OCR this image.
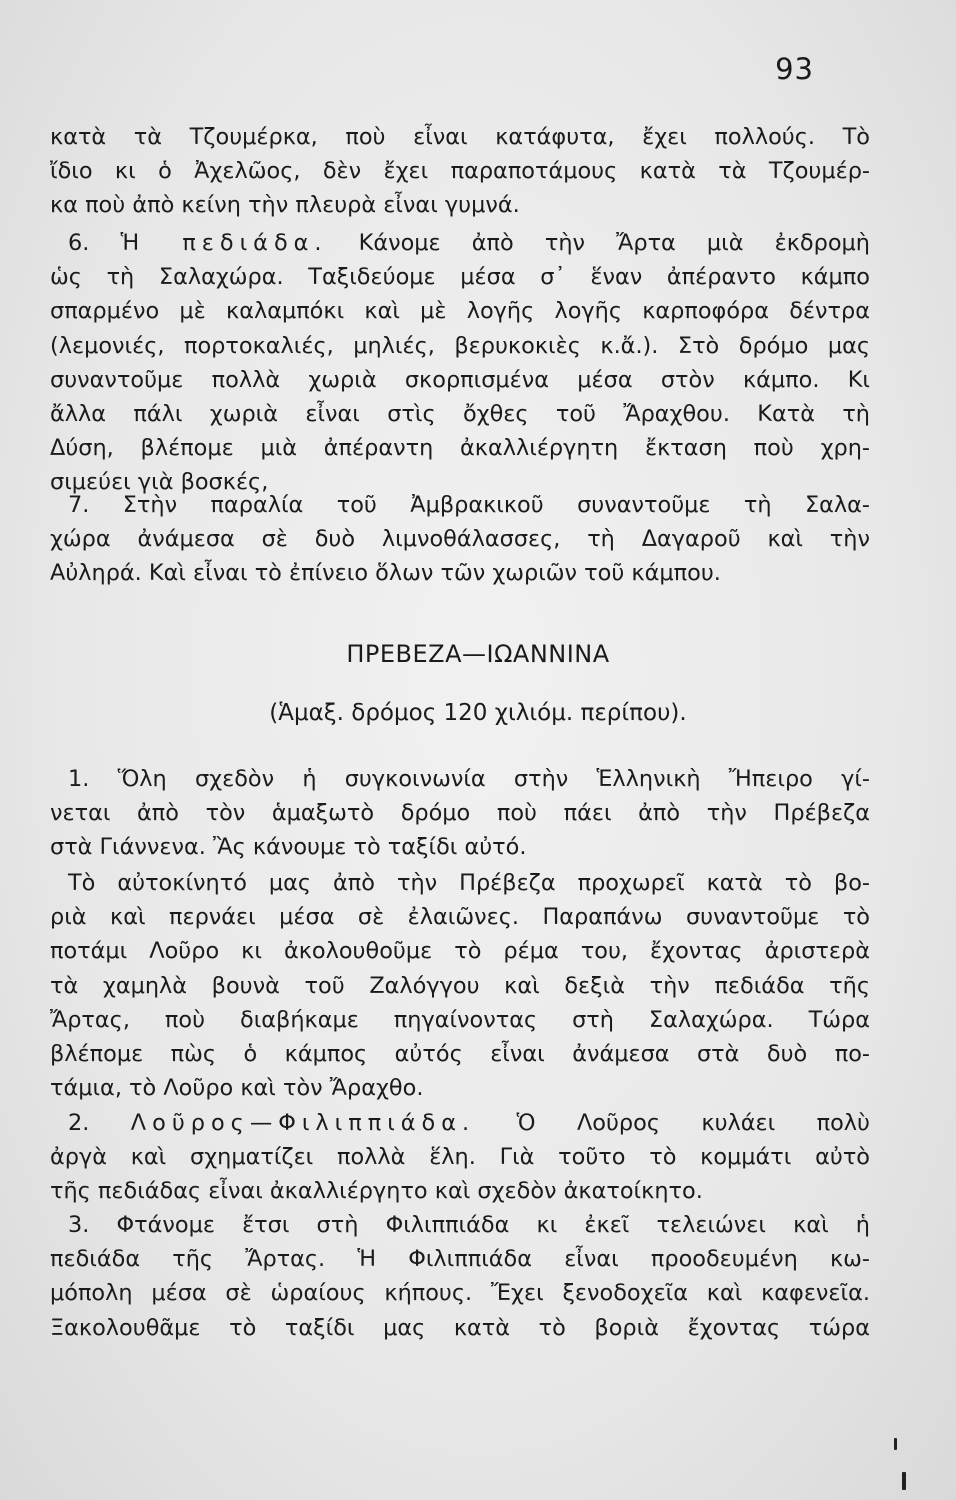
93
κατὰ τὰ Τζουμέρκα, ποὺ εἶναι κατάφυτα, ἔχει πολλούς. Τὸ
ἴδιο κι ὁ Ἀχελῶος, δὲν ἔχει παραποτάμους κατὰ τὰ Τζουμέρ-
κα ποὺ ἀπὸ κείνη τὴν πλευρὰ εἶναι γυμνά.
6. Ἡ πεδιάδα. Κάνομε ἀπὸ τὴν Ἄρτα μιὰ ἐκδρομὴ
ὡς τὴ Σαλαχώρα. Ταξιδεύομε μέσα σ᾿ ἕναν ἀπέραντο κάμπο
σπαρμένο μὲ καλαμπόκι καὶ μὲ λογῆς λογῆς καρποφόρα δέντρα
(λεμονιές, πορτοκαλιές, μηλιές, βερυκοκιὲς κ.ἄ.). Στὸ δρόμο μας
συναντοῦμε πολλὰ χωριὰ σκορπισμένα μέσα στὸν κάμπο. Κι
ἄλλα πάλι χωριὰ εἶναι στὶς ὄχθες τοῦ Ἄραχθου. Κατὰ τὴ
Δύση, βλέπομε μιὰ ἀπέραντη ἀκαλλιέργητη ἔκταση ποὺ χρη-
σιμεύει γιὰ βοσκές,
7. Στὴν παραλία τοῦ Ἀμβρακικοῦ συναντοῦμε τὴ Σαλα-
χώρα ἀνάμεσα σὲ δυὸ λιμνοθάλασσες, τὴ Δαγαροῦ καὶ τὴν
Αὐληρά. Καὶ εἶναι τὸ ἐπίνειο ὅλων τῶν χωριῶν τοῦ κάμπου.
ΠΡΕΒΕΖΑ—ΙΩΑΝΝΙΝΑ
(Ἁμαξ. δρόμος 120 χιλιόμ. περίπου).
1. Ὅλη σχεδὸν ἡ συγκοινωνία στὴν Ἑλληνικὴ Ἤπειρο γί-
νεται ἀπὸ τὸν ἁμαξωτὸ δρόμο ποὺ πάει ἀπὸ τὴν Πρέβεζα
στὰ Γιάννενα. Ἂς κάνουμε τὸ ταξίδι αὐτό.
Τὸ αὐτοκίνητό μας ἀπὸ τὴν Πρέβεζα προχωρεῖ κατὰ τὸ βο-
ριὰ καὶ περνάει μέσα σὲ ἐλαιῶνες. Παραπάνω συναντοῦμε τὸ
ποτάμι Λοῦρο κι ἀκολουθοῦμε τὸ ρέμα του, ἔχοντας ἀριστερὰ
τὰ χαμηλὰ βουνὰ τοῦ Ζαλόγγου καὶ δεξιὰ τὴν πεδιάδα τῆς
Ἄρτας, ποὺ διαβήκαμε πηγαίνοντας στὴ Σαλαχώρα. Τώρα
βλέπομε πὼς ὁ κάμπος αὐτός εἶναι ἀνάμεσα στὰ δυὸ πο-
τάμια, τὸ Λοῦρο καὶ τὸν Ἄραχθο.
2. Λοῦρος—Φιλιππιάδα. Ὁ Λοῦρος κυλάει πολὺ
ἀργὰ καὶ σχηματίζει πολλὰ ἕλη. Γιὰ τοῦτο τὸ κομμάτι αὐτὸ
τῆς πεδιάδας εἶναι ἀκαλλιέργητο καὶ σχεδὸν ἀκατοίκητο.
3. Φτάνομε ἔτσι στὴ Φιλιππιάδα κι ἐκεῖ τελειώνει καὶ ἡ
πεδιάδα τῆς Ἄρτας. Ἡ Φιλιππιάδα εἶναι προοδευμένη κω-
μόπολη μέσα σὲ ὡραίους κήπους. Ἔχει ξενοδοχεῖα καὶ καφενεῖα.
Ξακολουθᾶμε τὸ ταξίδι μας κατὰ τὸ βοριὰ ἔχοντας τώρα
